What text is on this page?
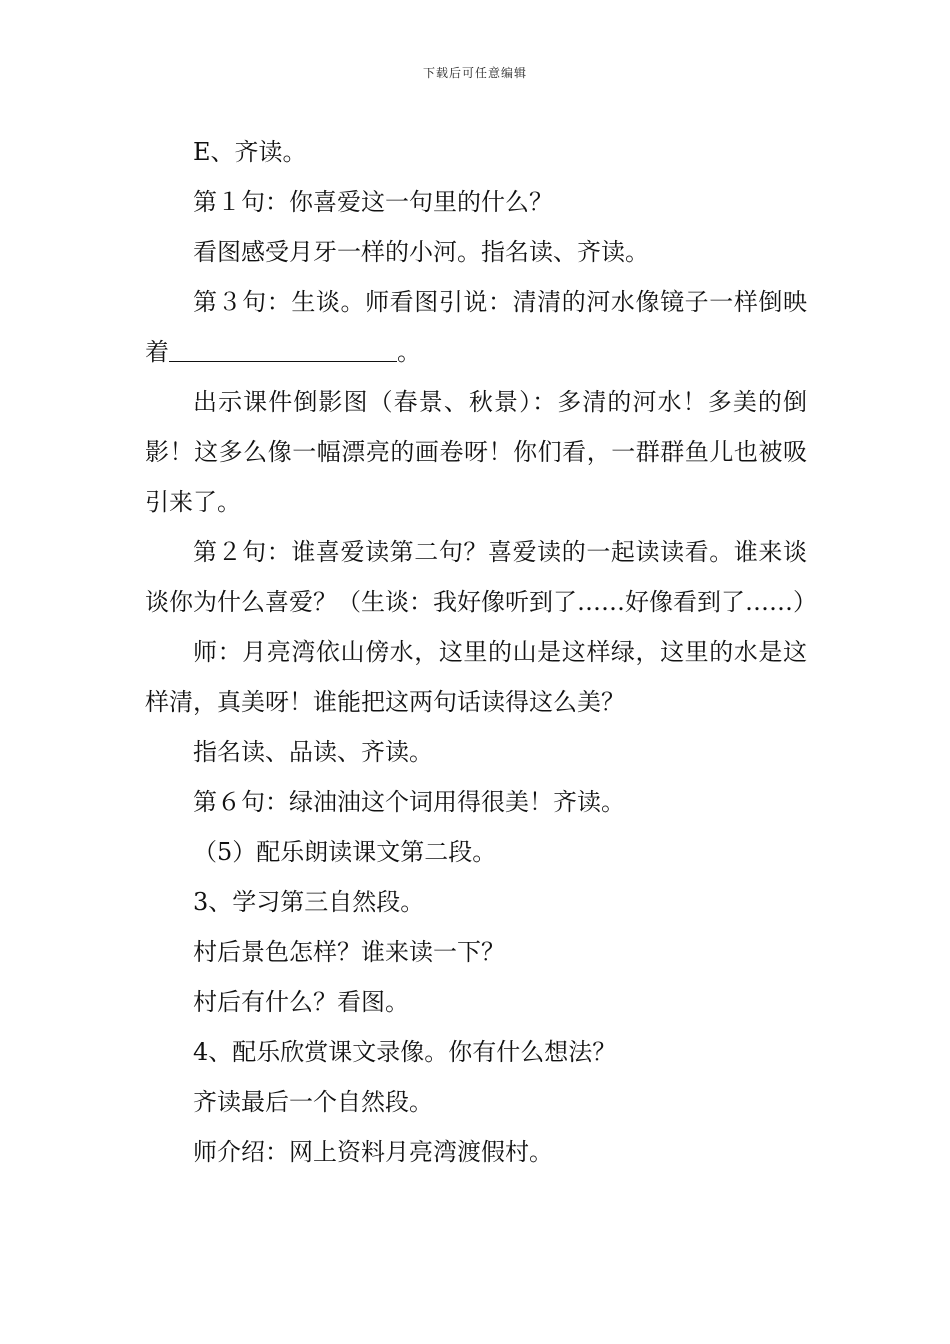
下载后可任意编辑

E、齐读。

第１句：你喜爱这一句里的什么？

看图感受月牙一样的小河。指名读、齐读。

第３句：生谈。师看图引说：清清的河水像镜子一样倒映着	。

出示课件倒影图（春景、秋景）：多清的河水！多美的倒影！这多么像一幅漂亮的画卷呀！你们看，一群群鱼儿也被吸引来了。

第２句：谁喜爱读第二句？喜爱读的一起读读看。谁来谈谈你为什么喜爱？（生谈：我好像听到了……好像看到了……）

师：月亮湾依山傍水，这里的山是这样绿，这里的水是这样清，真美呀！谁能把这两句话读得这么美？

指名读、品读、齐读。

第６句：绿油油这个词用得很美！齐读。

（5）配乐朗读课文第二段。

3、学习第三自然段。

村后景色怎样？谁来读一下？

村后有什么？看图。

4、配乐欣赏课文录像。你有什么想法？

齐读最后一个自然段。

师介绍：网上资料月亮湾渡假村。
